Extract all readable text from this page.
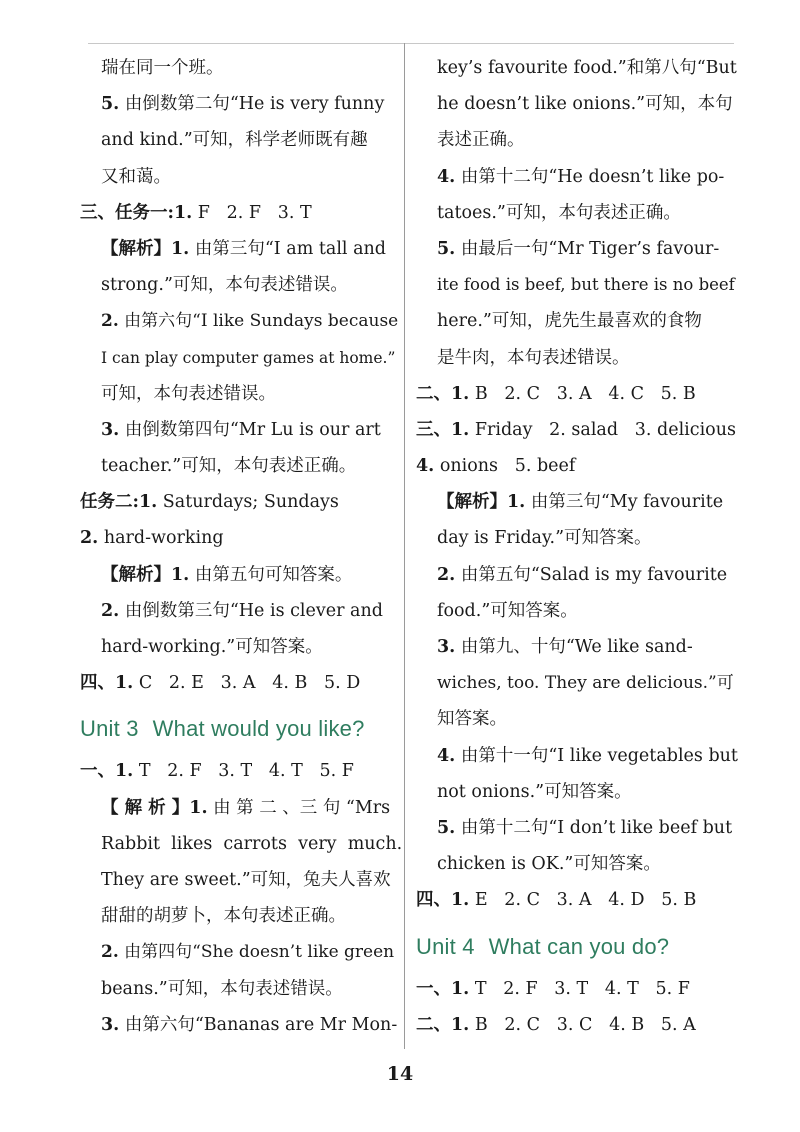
瑞在同一个班。
5. 由倒数第二句“He is very funny
and kind.”可知，科学老师既有趣
又和蔼。
三、任务一:1. F   2. F   3. T
【解析】1. 由第三句“I am tall and
strong.”可知，本句表述错误。
2. 由第六句“I like Sundays because
I can play computer games at home.”
可知，本句表述错误。
3. 由倒数第四句“Mr Lu is our art
teacher.”可知，本句表述正确。
任务二:1. Saturdays; Sundays
2. hard-working
【解析】1. 由第五句可知答案。
2. 由倒数第三句“He is clever and
hard-working.”可知答案。
四、1. C   2. E   3. A   4. B   5. D
Unit 3 What would you like?
一、1. T   2. F   3. T   4. T   5. F
【 解 析 】1. 由 第 二 、三 句 “Mrs
Rabbit  likes  carrots  very  much.
They are sweet.”可知，兔夫人喜欢
甜甜的胡萝卜，本句表述正确。
2. 由第四句“She doesn’t like green
beans.”可知，本句表述错误。
3. 由第六句“Bananas are Mr Mon-
key’s favourite food.”和第八句“But
he doesn’t like onions.”可知，本句
表述正确。
4. 由第十二句“He doesn’t like po-
tatoes.”可知，本句表述正确。
5. 由最后一句“Mr Tiger’s favour-
ite food is beef, but there is no beef
here.”可知，虎先生最喜欢的食物
是牛肉，本句表述错误。
二、1. B   2. C   3. A   4. C   5. B
三、1. Friday   2. salad   3. delicious
4. onions   5. beef
【解析】1. 由第三句“My favourite
day is Friday.”可知答案。
2. 由第五句“Salad is my favourite
food.”可知答案。
3. 由第九、十句“We like sand-
wiches, too. They are delicious.”可
知答案。
4. 由第十一句“I like vegetables but
not onions.”可知答案。
5. 由第十二句“I don’t like beef but
chicken is OK.”可知答案。
四、1. E   2. C   3. A   4. D   5. B
Unit 4 What can you do?
一、1. T   2. F   3. T   4. T   5. F
二、1. B   2. C   3. C   4. B   5. A
14
